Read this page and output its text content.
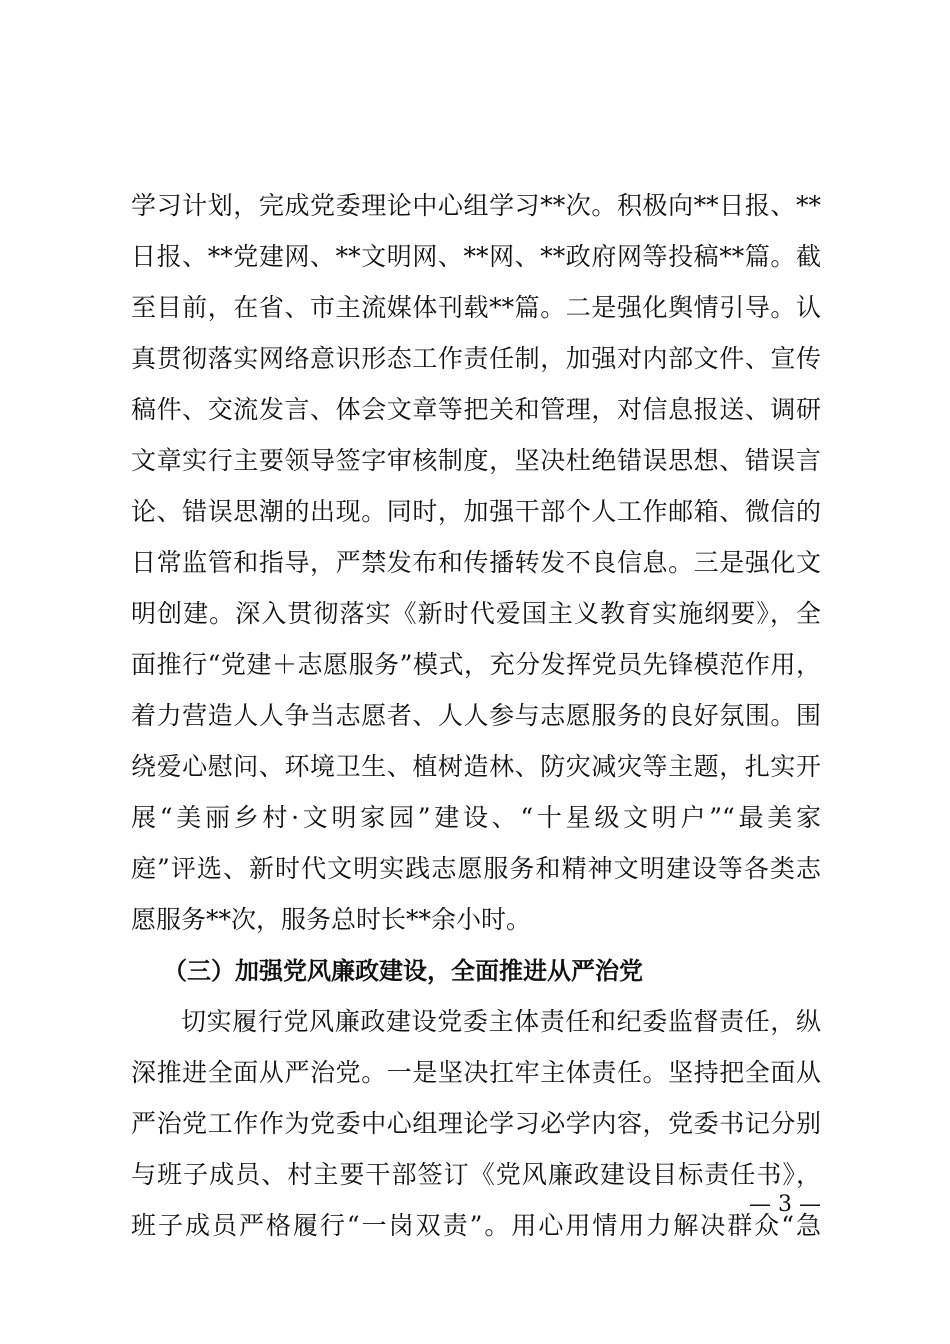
学习计划，完成党委理论中心组学习**次。积极向**日报、**
日报、**党建网、**文明网、**网、**政府网等投稿**篇。截
至目前，在省、市主流媒体刊载**篇。二是强化舆情引导。认
真贯彻落实网络意识形态工作责任制，加强对内部文件、宣传
稿件、交流发言、体会文章等把关和管理，对信息报送、调研
文章实行主要领导签字审核制度，坚决杜绝错误思想、错误言
论、错误思潮的出现。同时，加强干部个人工作邮箱、微信的
日常监管和指导，严禁发布和传播转发不良信息。三是强化文
明创建。深入贯彻落实《新时代爱国主义教育实施纲要》，全
面推行“党建＋志愿服务”模式，充分发挥党员先锋模范作用，
着力营造人人争当志愿者、人人参与志愿服务的良好氛围。围
绕爱心慰问、环境卫生、植树造林、防灾减灾等主题，扎实开
展“美丽乡村·文明家园”建设、“十星级文明户”“最美家
庭”评选、新时代文明实践志愿服务和精神文明建设等各类志
愿服务**次，服务总时长**余小时。
（三）加强党风廉政建设，全面推进从严治党
切实履行党风廉政建设党委主体责任和纪委监督责任，纵
深推进全面从严治党。一是坚决扛牢主体责任。坚持把全面从
严治党工作作为党委中心组理论学习必学内容，党委书记分别
与班子成员、村主要干部签订《党风廉政建设目标责任书》，
班子成员严格履行“一岗双责”。用心用情用力解决群众“急
— 3 —
